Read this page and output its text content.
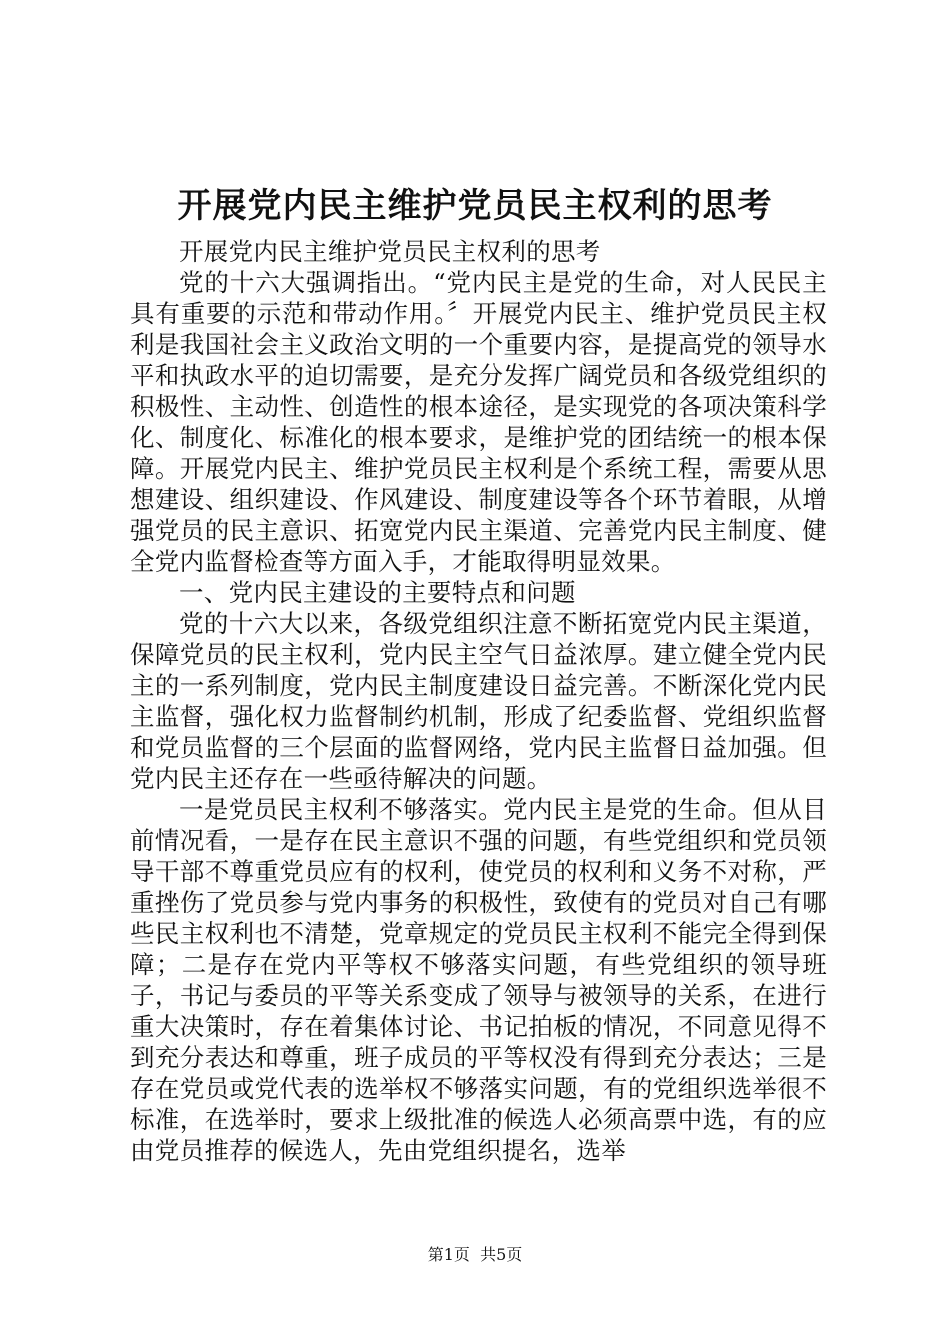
开展党内民主维护党员民主权利的思考

开展党内民主维护党员民主权利的思考

党的十六大强调指出。“党内民主是党的生命，对人民民主具有重要的示范和带动作用。〞开展党内民主、维护党员民主权利是我国社会主义政治文明的一个重要内容，是提高党的领导水平和执政水平的迫切需要，是充分发挥广阔党员和各级党组织的积极性、主动性、创造性的根本途径，是实现党的各项决策科学化、制度化、标准化的根本要求，是维护党的团结统一的根本保障。开展党内民主、维护党员民主权利是个系统工程，需要从思想建设、组织建设、作风建设、制度建设等各个环节着眼，从增强党员的民主意识、拓宽党内民主渠道、完善党内民主制度、健全党内监督检查等方面入手，才能取得明显效果。

一、党内民主建设的主要特点和问题

党的十六大以来，各级党组织注意不断拓宽党内民主渠道，保障党员的民主权利，党内民主空气日益浓厚。建立健全党内民主的一系列制度，党内民主制度建设日益完善。不断深化党内民主监督，强化权力监督制约机制，形成了纪委监督、党组织监督和党员监督的三个层面的监督网络，党内民主监督日益加强。但党内民主还存在一些亟待解决的问题。

一是党员民主权利不够落实。党内民主是党的生命。但从目前情况看，一是存在民主意识不强的问题，有些党组织和党员领导干部不尊重党员应有的权利，使党员的权利和义务不对称，严重挫伤了党员参与党内事务的积极性，致使有的党员对自己有哪些民主权利也不清楚，党章规定的党员民主权利不能完全得到保障；二是存在党内平等权不够落实问题，有些党组织的领导班子，书记与委员的平等关系变成了领导与被领导的关系，在进行重大决策时，存在着集体讨论、书记拍板的情况，不同意见得不到充分表达和尊重，班子成员的平等权没有得到充分表达；三是存在党员或党代表的选举权不够落实问题，有的党组织选举很不标准，在选举时，要求上级批准的候选人必须高票中选，有的应由党员推荐的候选人，先由党组织提名，选举

第1页 共5页
